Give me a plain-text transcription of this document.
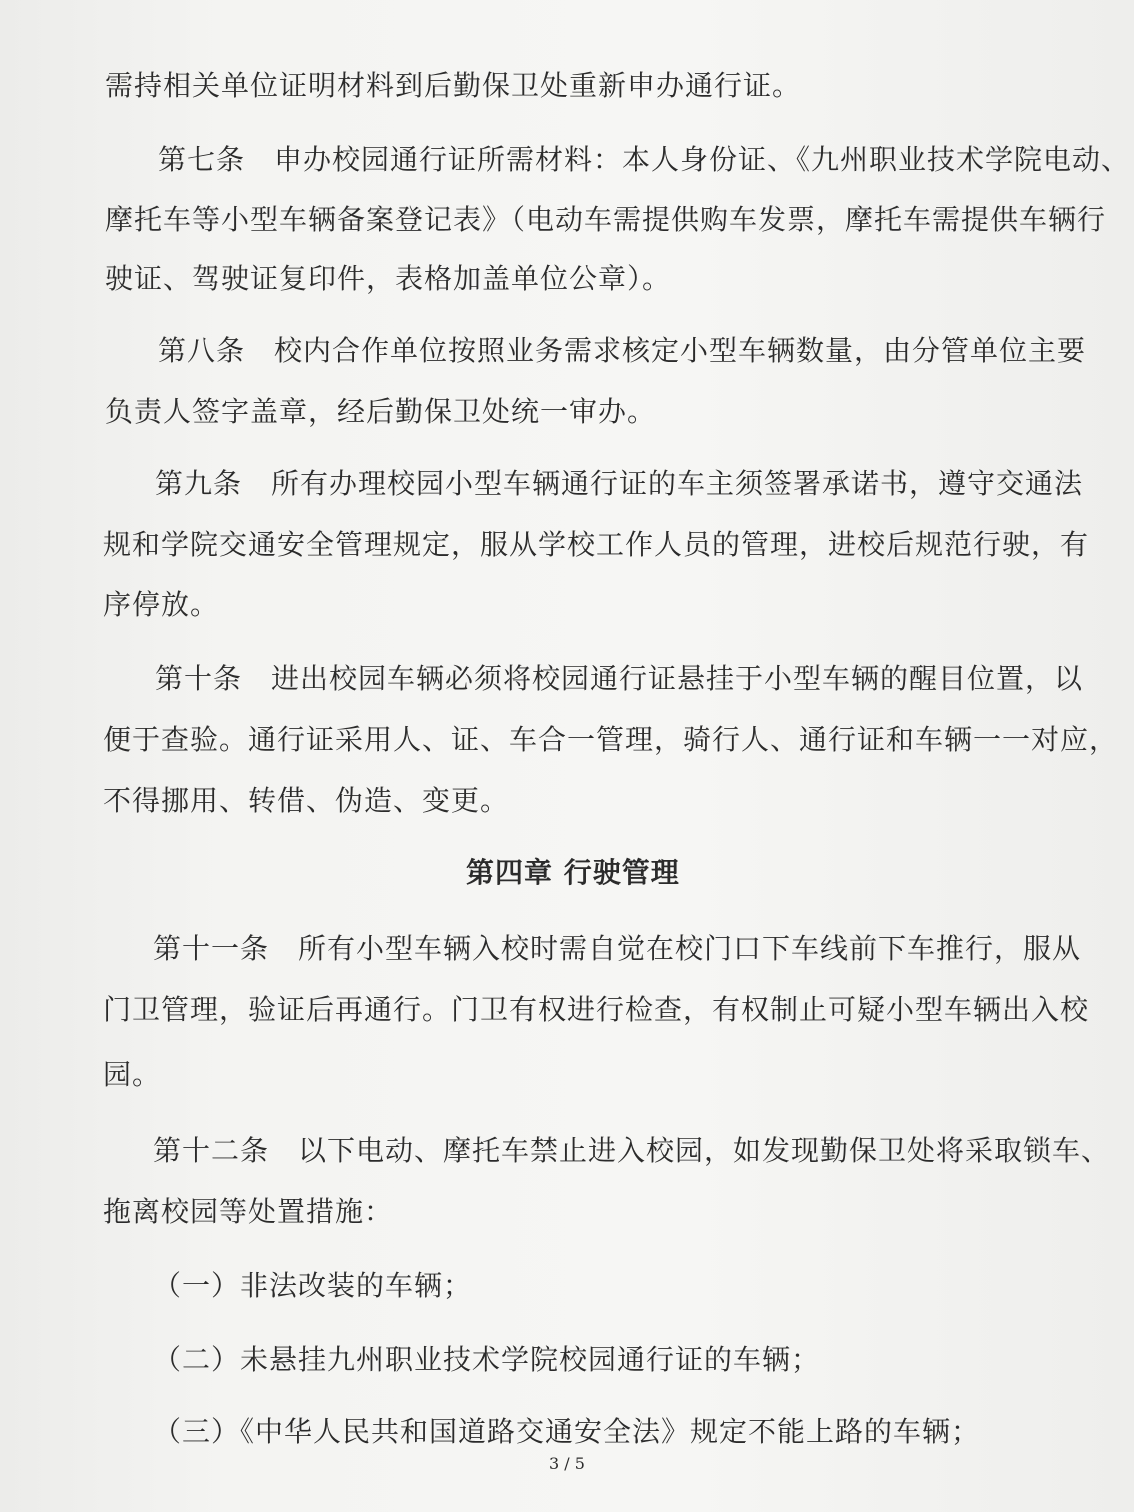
需持相关单位证明材料到后勤保卫处重新申办通行证。
第七条　申办校园通行证所需材料：本人身份证、《九州职业技术学院电动、
摩托车等小型车辆备案登记表》（电动车需提供购车发票，摩托车需提供车辆行
驶证、驾驶证复印件，表格加盖单位公章）。
第八条　校内合作单位按照业务需求核定小型车辆数量，由分管单位主要
负责人签字盖章，经后勤保卫处统一审办。
第九条　所有办理校园小型车辆通行证的车主须签署承诺书，遵守交通法
规和学院交通安全管理规定，服从学校工作人员的管理，进校后规范行驶，有
序停放。
第十条　进出校园车辆必须将校园通行证悬挂于小型车辆的醒目位置，以
便于查验。通行证采用人、证、车合一管理，骑行人、通行证和车辆一一对应，
不得挪用、转借、伪造、变更。
第四章 行驶管理
第十一条　所有小型车辆入校时需自觉在校门口下车线前下车推行，服从
门卫管理，验证后再通行。门卫有权进行检查，有权制止可疑小型车辆出入校
园。
第十二条　以下电动、摩托车禁止进入校园，如发现勤保卫处将采取锁车、
拖离校园等处置措施：
（一）非法改装的车辆；
（二）未悬挂九州职业技术学院校园通行证的车辆；
（三）《中华人民共和国道路交通安全法》规定不能上路的车辆；
3 / 5
